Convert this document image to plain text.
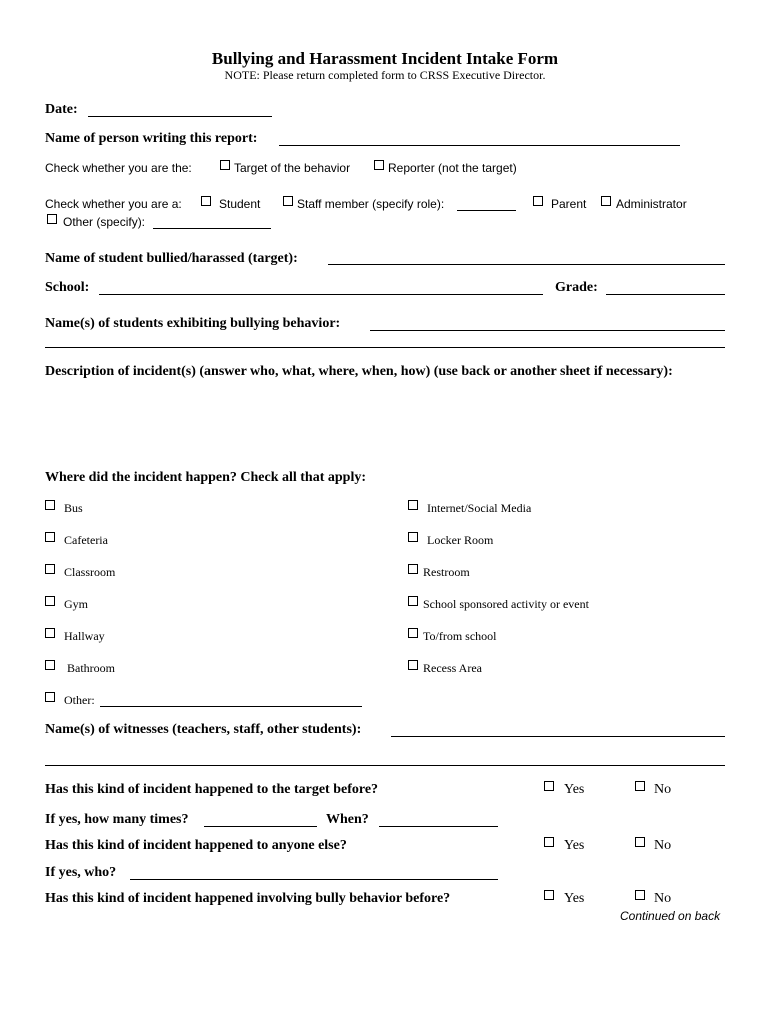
Bullying and Harassment Incident Intake Form
NOTE: Please return completed form to CRSS Executive Director.
Date:
Name of person writing this report:
Check whether you are the:	Target of the behavior	Reporter (not the target)
Check whether you are a:	Student	Staff member (specify role):	Parent Administrator
Other (specify):
Name of student bullied/harassed (target):
School:	Grade:
Name(s) of students exhibiting bullying behavior:
Description of incident(s) (answer who, what, where, when, how) (use back or another sheet if necessary):
Where did the incident happen? Check all that apply:
Bus
Cafeteria
Classroom
Gym
Hallway
Bathroom
Internet/Social Media
Locker Room
Restroom
School sponsored activity or event
To/from school
Recess Area
Other:
Name(s) of witnesses (teachers, staff, other students):
Has this kind of incident happened to the target before?	Yes	No
If yes, how many times?	When?
Has this kind of incident happened to anyone else?	Yes	No
If yes, who?
Has this kind of incident happened involving bully behavior before?	Yes	No
Continued on back
